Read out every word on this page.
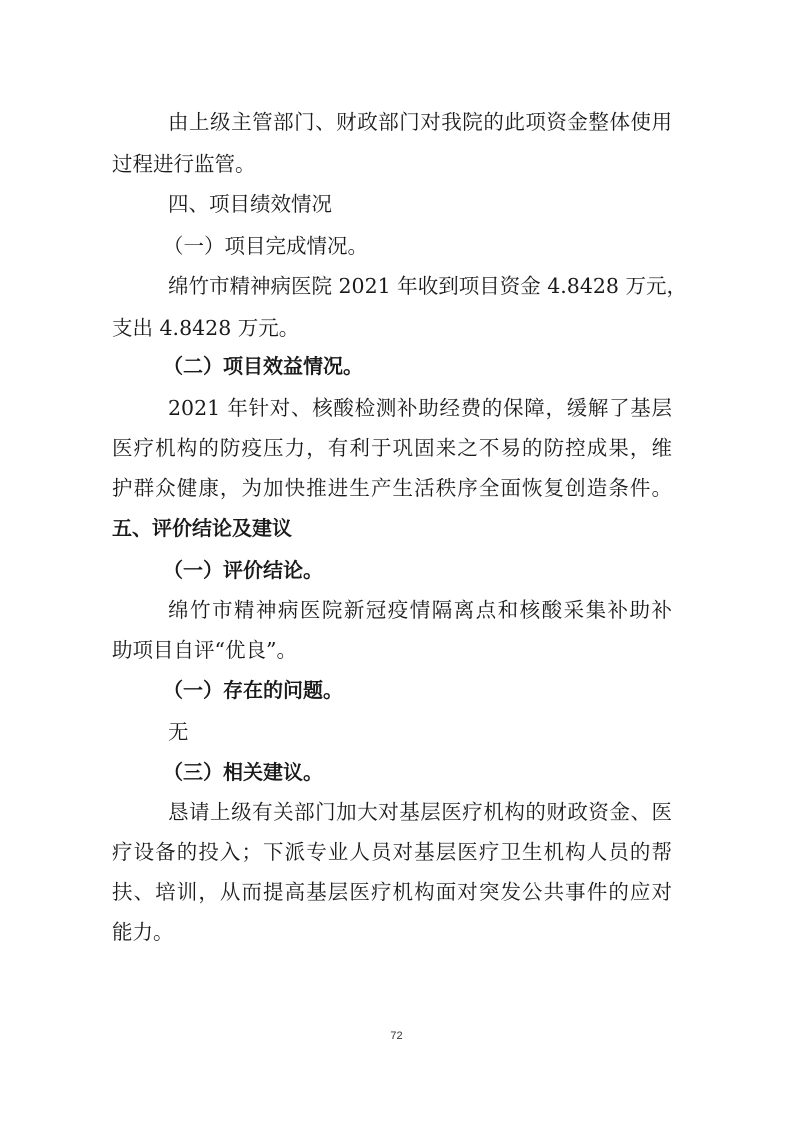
由上级主管部门、财政部门对我院的此项资金整体使用
过程进行监管。
四、项目绩效情况
（一）项目完成情况。
绵竹市精神病医院 2021 年收到项目资金 4.8428 万元，
支出 4.8428 万元。
（二）项目效益情况。
2021 年针对、核酸检测补助经费的保障，缓解了基层
医疗机构的防疫压力，有利于巩固来之不易的防控成果，维
护群众健康，为加快推进生产生活秩序全面恢复创造条件。
五、评价结论及建议
（一）评价结论。
绵竹市精神病医院新冠疫情隔离点和核酸采集补助补
助项目自评“优良”。
（一）存在的问题。
无
（三）相关建议。
恳请上级有关部门加大对基层医疗机构的财政资金、医
疗设备的投入；下派专业人员对基层医疗卫生机构人员的帮
扶、培训，从而提高基层医疗机构面对突发公共事件的应对
能力。
72
